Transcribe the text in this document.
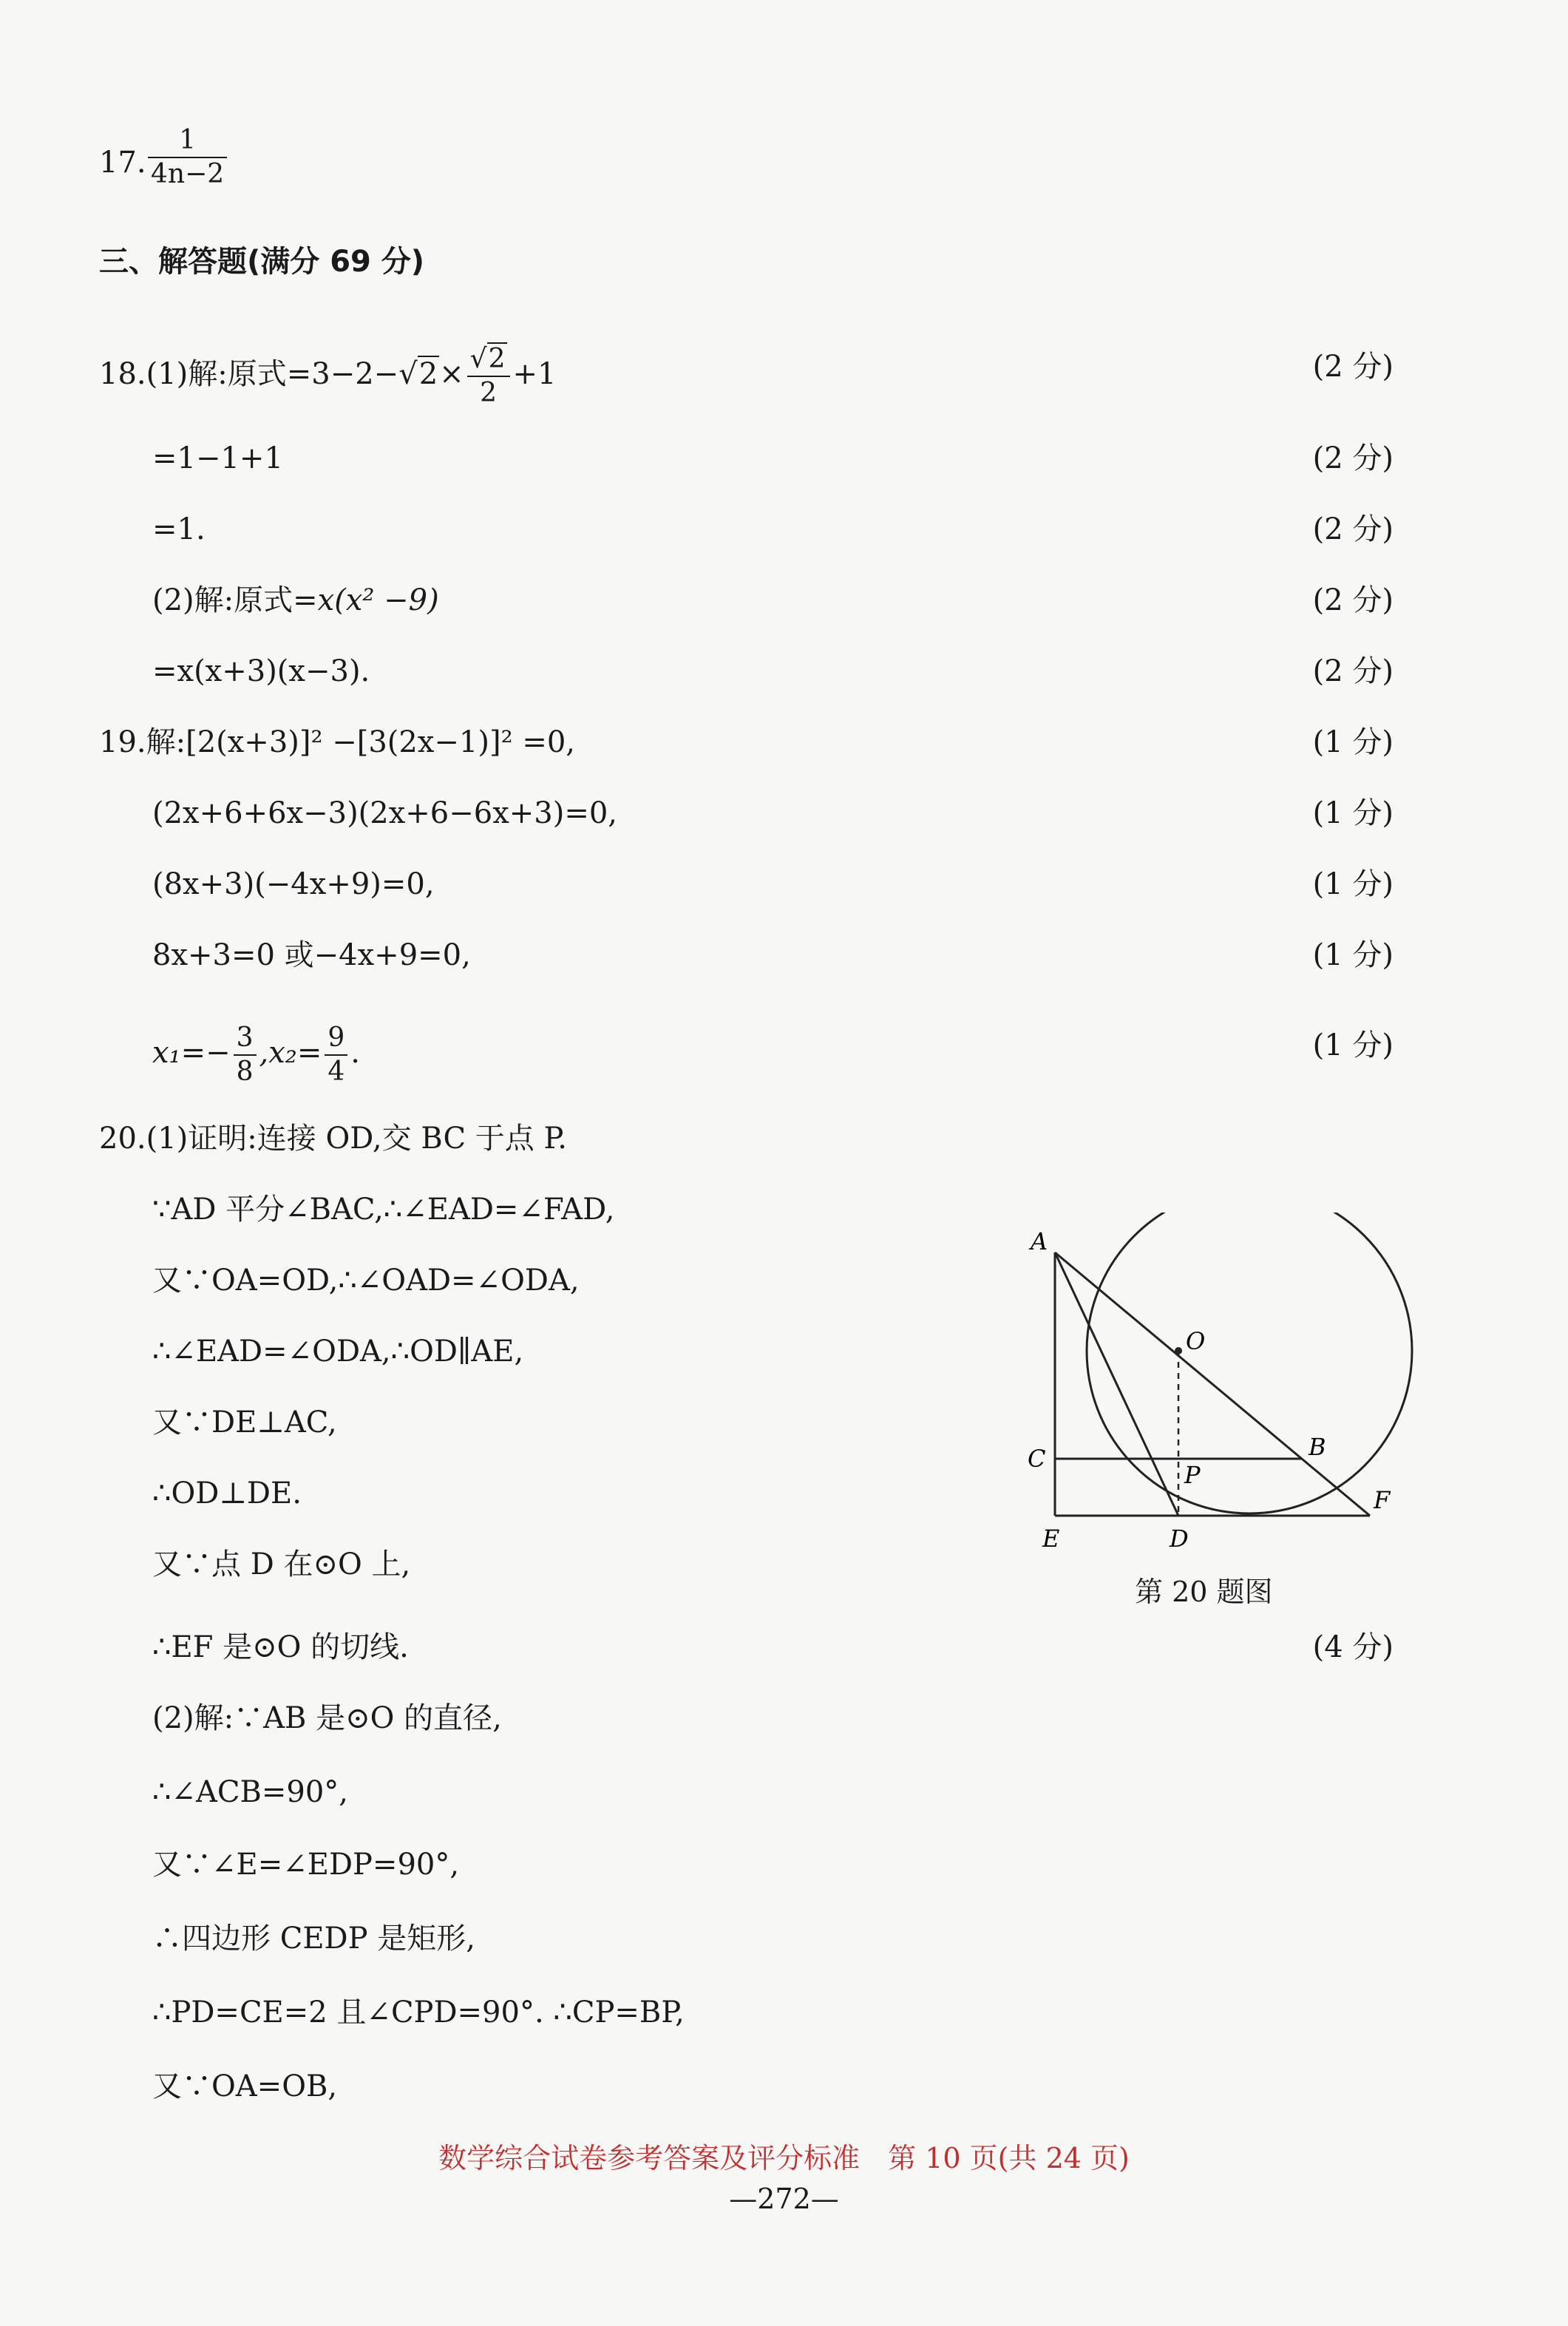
17. $\frac{1}{4n-2}$
三、解答题(满分 69 分)
18.(1)解:原式$=3-2-√2\times \frac{√2}{2} +1$	(2 分)
=1−1+1	(2 分)
=1.	(2 分)
(2)解:原式=x(x² −9)	(2 分)
=x(x+3)(x−3).	(2 分)
19.解:[2(x+3)]² −[3(2x−1)]² =0,	(1 分)
(2x+6+6x−3)(2x+6−6x+3)=0,	(1 分)
(8x+3)(−4x+9)=0,	(1 分)
8x+3=0 或−4x+9=0,	(1 分)
$x_1=- \frac{3}{8} ,x_2= \frac{9}{4}$ .	(1 分)
20.(1)证明:连接 OD,交 BC 于点 P.
∵AD 平分∠BAC,∴∠EAD=∠FAD,
又∵OA=OD,∴∠OAD=∠ODA,
∴∠EAD=∠ODA,∴OD∥AE,
又∵DE⊥AC,
∴OD⊥DE.
又∵点 D 在⊙O 上,
∴EF 是⊙O 的切线.	(4 分)
(2)解:∵AB 是⊙O 的直径,
∴∠ACB=90°,
又∵∠E=∠EDP=90°,
∴四边形 CEDP 是矩形,
∴PD=CE=2 且∠CPD=90°. ∴CP=BP,
又∵OA=OB,
A
O
B
C
P
F
E	D
第 20 题图
数学综合试卷参考答案及评分标准　第 10 页(共 24 页)
—272—
